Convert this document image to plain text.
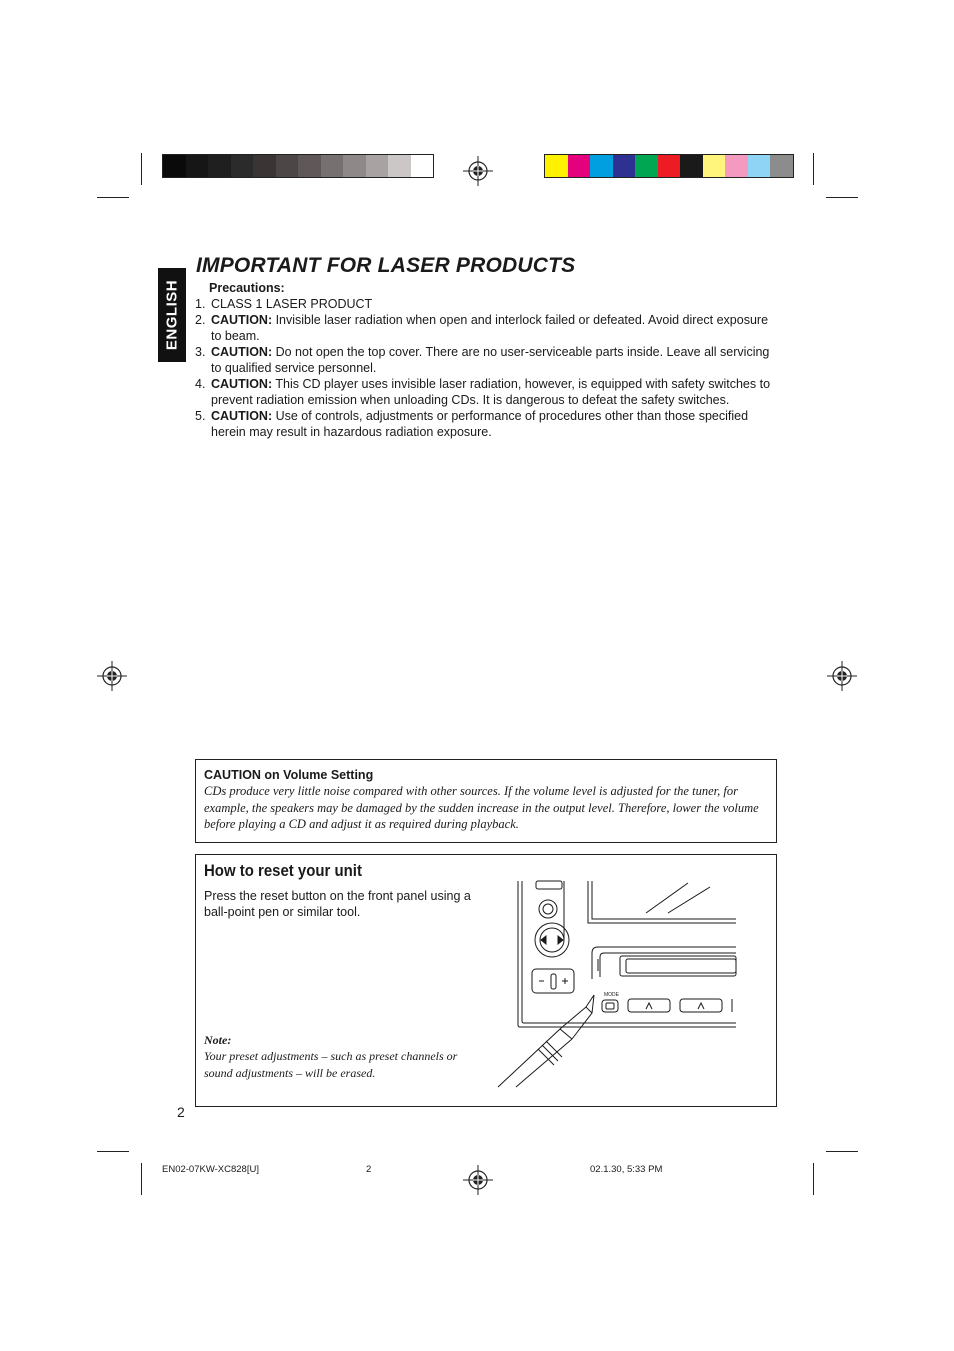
ENGLISH
IMPORTANT FOR LASER PRODUCTS
Precautions:
1. CLASS 1 LASER PRODUCT
2. CAUTION: Invisible laser radiation when open and interlock failed or defeated. Avoid direct exposure to beam.
3. CAUTION: Do not open the top cover. There are no user-serviceable parts inside. Leave all servicing to qualified service personnel.
4. CAUTION: This CD player uses invisible laser radiation, however, is equipped with safety switches to prevent radiation emission when unloading CDs. It is dangerous to defeat the safety switches.
5. CAUTION: Use of controls, adjustments or performance of procedures other than those specified herein may result in hazardous radiation exposure.
CAUTION on Volume Setting
CDs produce very little noise compared with other sources. If the volume level is adjusted for the tuner, for example, the speakers may be damaged by the sudden increase in the output level. Therefore, lower the volume before playing a CD and adjust it as required during playback.
How to reset your unit
Press the reset button on the front panel using a ball-point pen or similar tool.
Note:
Your preset adjustments – such as preset channels or sound adjustments – will be erased.
MODE
2
EN02-07KW-XC828[U]	2	02.1.30, 5:33 PM
